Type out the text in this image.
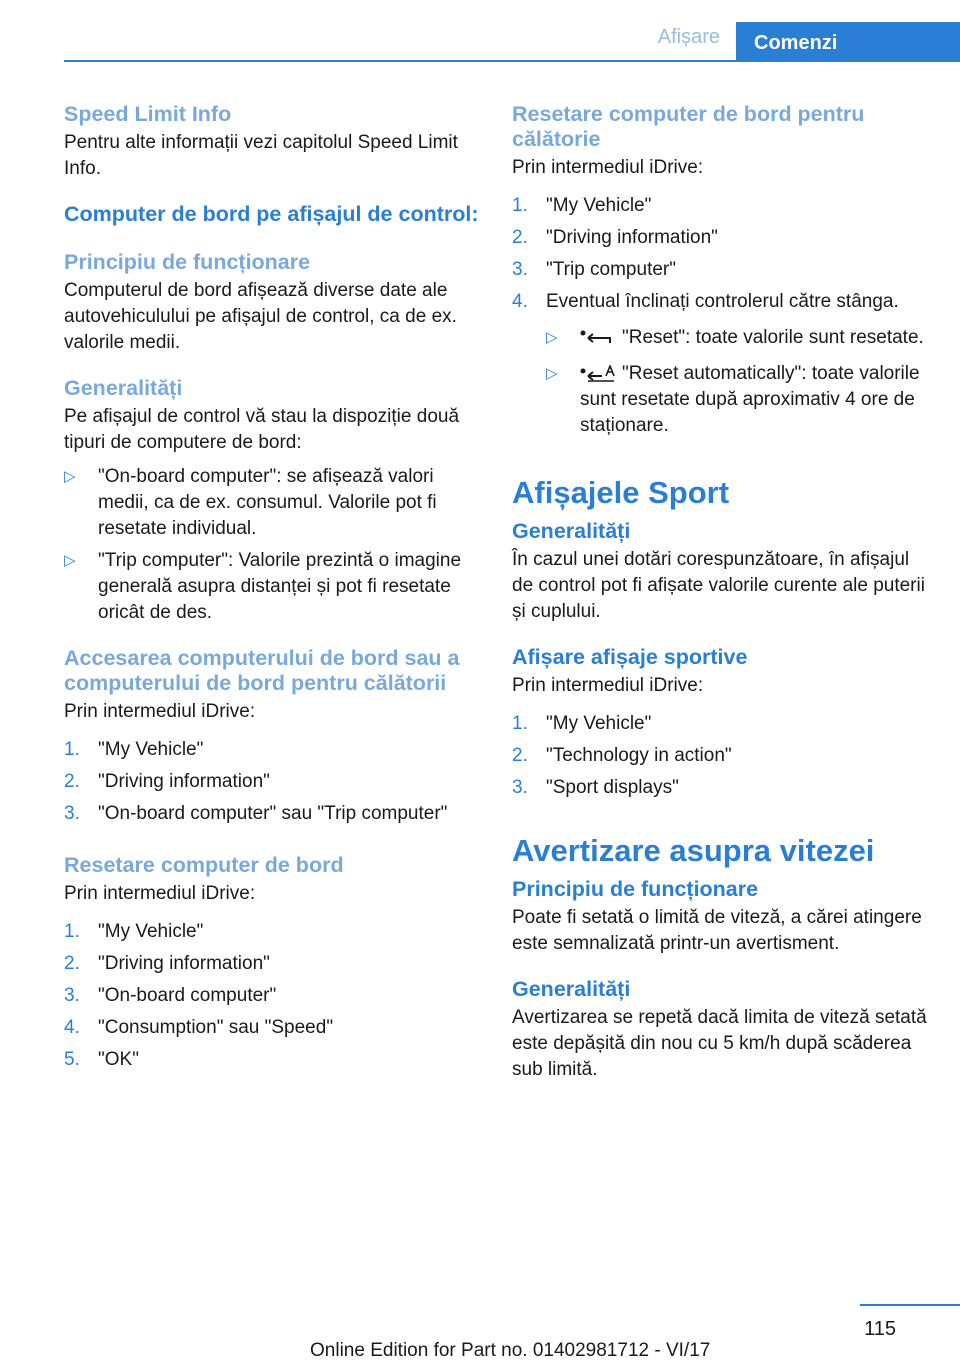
Afișare	Comenzi
Speed Limit Info

Pentru alte informații vezi capitolul Speed Limit Info.

Computer de bord pe afișajul de control:
Principiu de funcționare

Computerul de bord afișează diverse date ale autovehiculului pe afișajul de control, ca de ex. valorile medii.

Generalități

Pe afișajul de control vă stau la dispoziție două tipuri de computere de bord:

▷ "On-board computer": se afișează valori medii, ca de ex. consumul. Valorile pot fi resetate individual.
▷ "Trip computer": Valorile prezintă o imagine generală asupra distanței și pot fi resetate oricât de des.
Accesarea computerului de bord sau a computerului de bord pentru călătorii

Prin intermediul iDrive:

1. "My Vehicle"
2. "Driving information"
3. "On-board computer" sau "Trip computer"
Resetare computer de bord

Prin intermediul iDrive:

1. "My Vehicle"
2. "Driving information"
3. "On-board computer"
4. "Consumption" sau "Speed"
5. "OK"
Resetare computer de bord pentru călătorie

Prin intermediul iDrive:

1. "My Vehicle"
2. "Driving information"
3. "Trip computer"
4. Eventual înclinați controlerul către stânga.
▷	"Reset": toate valorile sunt resetate.
▷	"Reset automatically": toate valorile sunt resetate după aproximativ 4 ore de staționare.
Afișajele Sport
Generalități

În cazul unei dotări corespunzătoare, în afișajul de control pot fi afișate valorile curente ale puterii și cuplului.

Afișare afișaje sportive

Prin intermediul iDrive:

1. "My Vehicle"
2. "Technology in action"
3. "Sport displays"
Avertizare asupra vitezei
Principiu de funcționare

Poate fi setată o limită de viteză, a cărei atingere este semnalizată printr-un avertisment.

Generalități

Avertizarea se repetă dacă limita de viteză setată este depășită din nou cu 5 km/h după scăderea sub limită.

115
Online Edition for Part no. 01402981712 - VI/17
